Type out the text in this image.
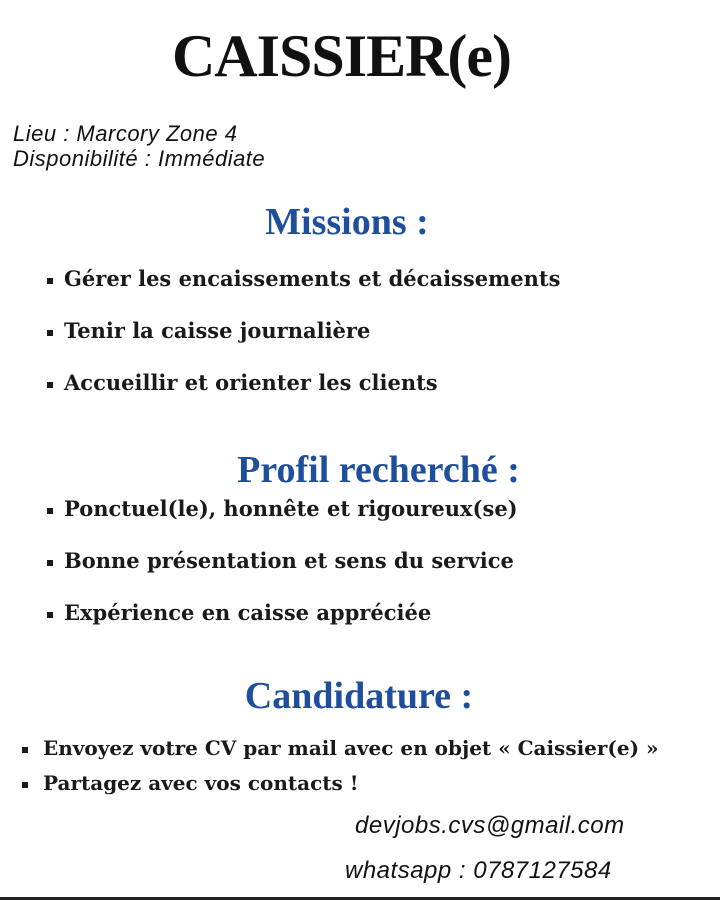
CAISSIER(e)
Lieu : Marcory Zone 4
Disponibilité : Immédiate
Missions :
Gérer les encaissements et décaissements
Tenir la caisse journalière
Accueillir et orienter les clients
Profil recherché :
Ponctuel(le), honnête et rigoureux(se)
Bonne présentation et sens du service
Expérience en caisse appréciée
Candidature :
Envoyez votre CV par mail avec en objet « Caissier(e) »
Partagez avec vos contacts !
devjobs.cvs@gmail.com
whatsapp : 0787127584
